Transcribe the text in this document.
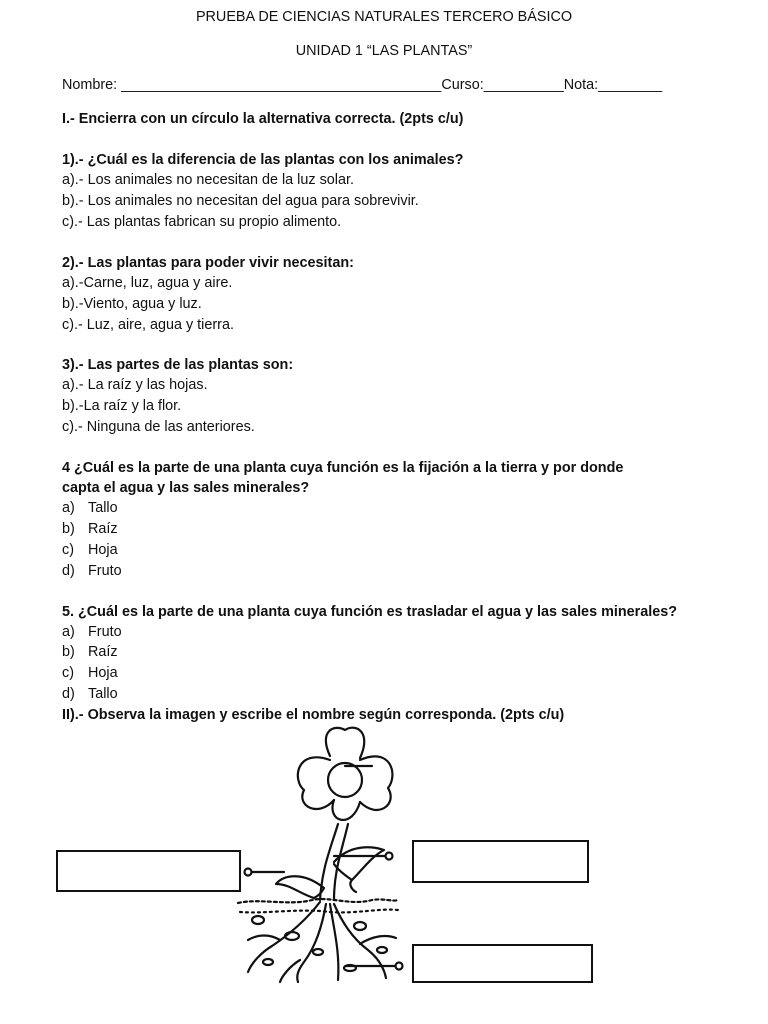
PRUEBA DE CIENCIAS NATURALES TERCERO BÁSICO
UNIDAD 1 “LAS PLANTAS”
Nombre: ________________________________________Curso:__________Nota:________
I.- Encierra con un círculo la alternativa correcta. (2pts c/u)
1).- ¿Cuál es la diferencia de las plantas con los animales?
a).- Los animales no necesitan de la luz solar.
b).- Los animales no necesitan del agua para sobrevivir.
c).- Las plantas fabrican su propio alimento.
2).- Las plantas para poder vivir necesitan:
a).-Carne, luz, agua y aire.
b).-Viento, agua y luz.
c).- Luz, aire, agua y tierra.
3).- Las partes de las plantas son:
a).- La raíz y las hojas.
b).-La raíz y la flor.
c).- Ninguna de las anteriores.
4 ¿Cuál es la parte de una planta cuya función es la fijación a la tierra y por donde
capta el agua y las sales minerales?
a) Tallo
b) Raíz
c) Hoja
d) Fruto
5. ¿Cuál es la parte de una planta cuya función es trasladar el agua y las sales minerales?
a) Fruto
b) Raíz
c) Hoja
d) Tallo
II).- Observa la imagen y escribe el nombre según corresponda. (2pts c/u)
